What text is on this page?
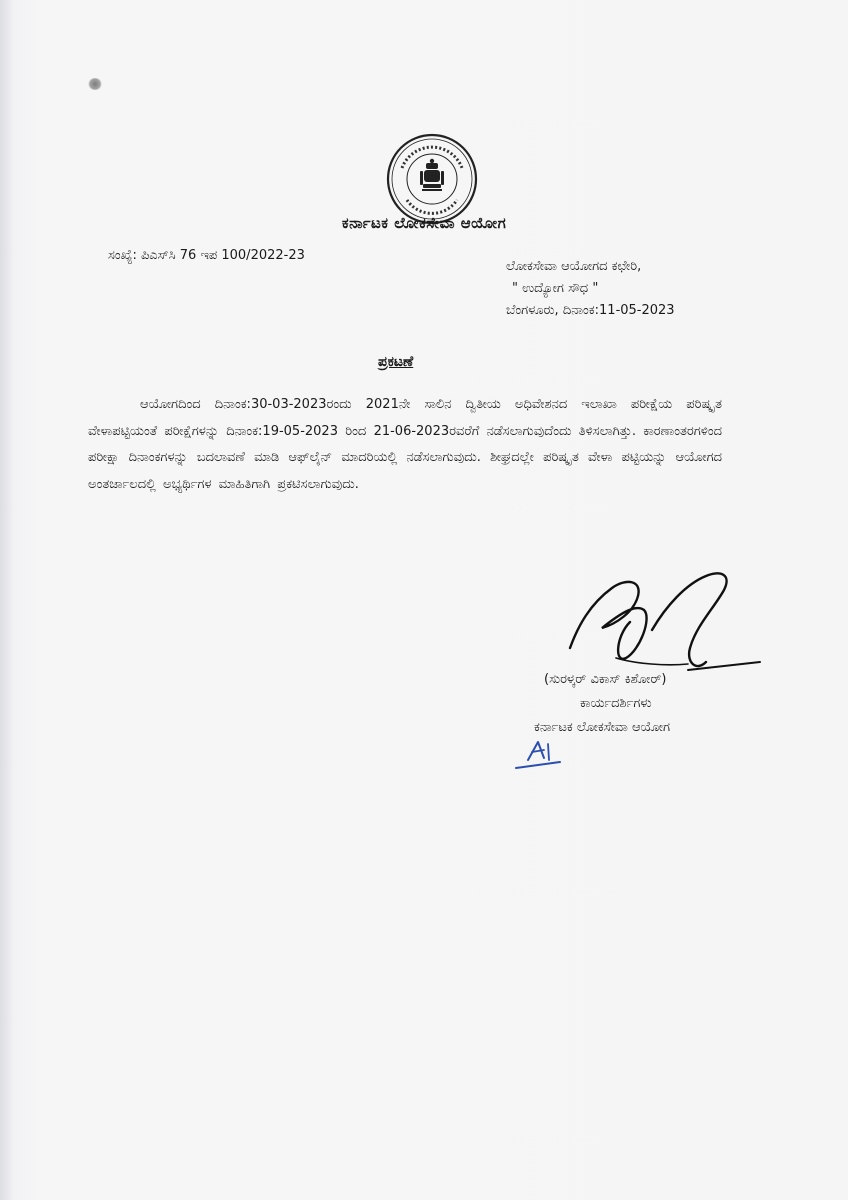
ಕರ್ನಾಟಕ ಲೋಕಸೇವಾ ಆಯೋಗ
ಸಂಖ್ಯೆ: ಪಿಎಸ್‌ಸಿ 76 ಇಪ 100/2022-23
ಲೋಕಸೇವಾ ಆಯೋಗದ ಕಛೇರಿ,
" ಉದ್ಯೋಗ ಸೌಧ "
ಬೆಂಗಳೂರು, ದಿನಾಂಕ:11-05-2023
ಪ್ರಕಟಣೆ
ಆಯೋಗದಿಂದ ದಿನಾಂಕ:30-03-2023ರಂದು 2021ನೇ ಸಾಲಿನ ದ್ವಿತೀಯ ಅಧಿವೇಶನದ ಇಲಾಖಾ ಪರೀಕ್ಷೆಯ ಪರಿಷ್ಕೃತ ವೇಳಾಪಟ್ಟಿಯಂತೆ ಪರೀಕ್ಷೆಗಳನ್ನು ದಿನಾಂಕ:19-05-2023 ರಿಂದ 21-06-2023ರವರೆಗೆ ನಡೆಸಲಾಗುವುದೆಂದು ತಿಳಿಸಲಾಗಿತ್ತು. ಕಾರಣಾಂತರಗಳಿಂದ ಪರೀಕ್ಷಾ ದಿನಾಂಕಗಳನ್ನು ಬದಲಾವಣೆ ಮಾಡಿ ಆಫ್‌ಲೈನ್ ಮಾದರಿಯಲ್ಲಿ ನಡೆಸಲಾಗುವುದು. ಶೀಘ್ರದಲ್ಲೇ ಪರಿಷ್ಕೃತ ವೇಳಾ ಪಟ್ಟಿಯನ್ನು ಆಯೋಗದ ಅಂತರ್ಜಾಲದಲ್ಲಿ ಅಭ್ಯರ್ಥಿಗಳ ಮಾಹಿತಿಗಾಗಿ ಪ್ರಕಟಿಸಲಾಗುವುದು.
(ಸುರಳ್ಕರ್ ವಿಕಾಸ್ ಕಿಶೋರ್)
ಕಾರ್ಯದರ್ಶಿಗಳು
ಕರ್ನಾಟಕ ಲೋಕಸೇವಾ ಆಯೋಗ
